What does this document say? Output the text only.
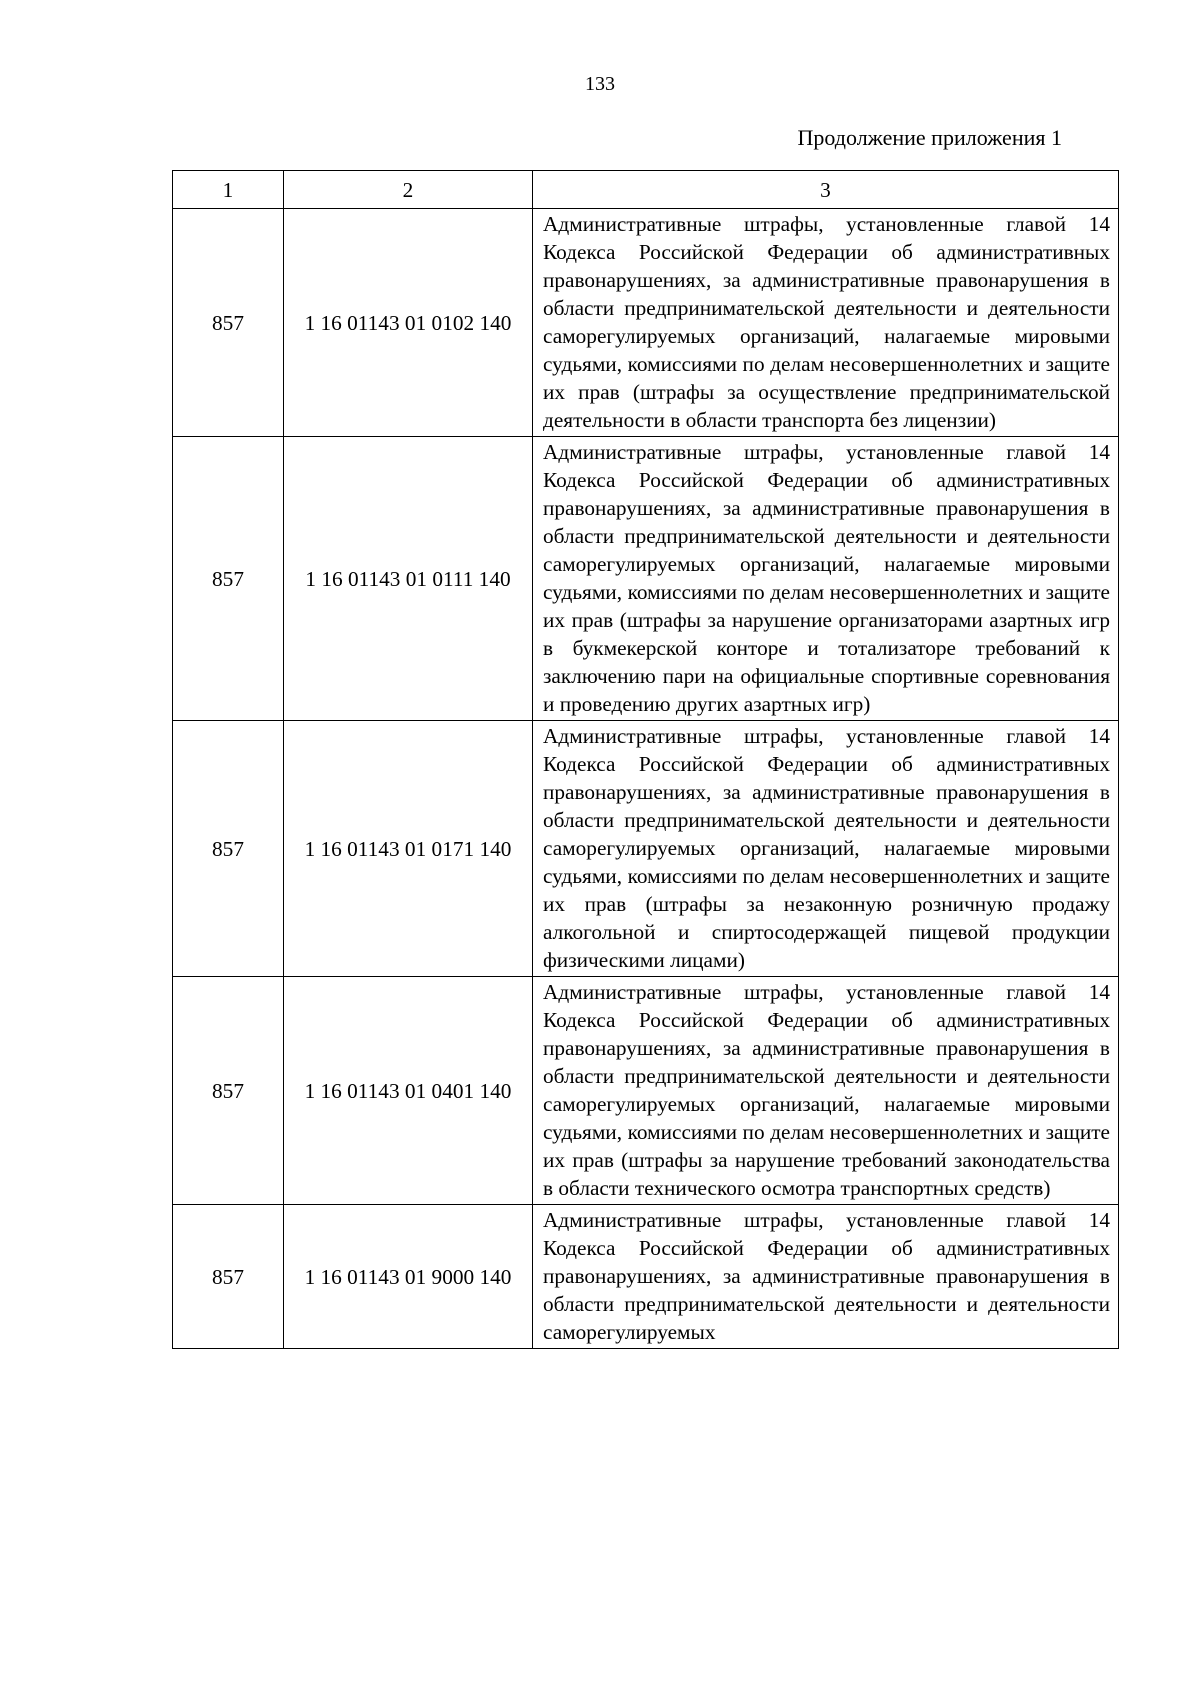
133
Продолжение приложения 1
1	2	3
857	1 16 01143 01 0102 140	Административные штрафы, установленные главой 14 Кодекса Российской Федерации об административных правонарушениях, за административные правонарушения в области предпринимательской деятельности и деятельности саморегулируемых организаций, налагаемые мировыми судьями, комиссиями по делам несовершеннолетних и защите их прав (штрафы за осуществление предпринимательской деятельности в области транспорта без лицензии)
857	1 16 01143 01 0111 140	Административные штрафы, установленные главой 14 Кодекса Российской Федерации об административных правонарушениях, за административные правонарушения в области предпринимательской деятельности и деятельности саморегулируемых организаций, налагаемые мировыми судьями, комиссиями по делам несовершеннолетних и защите их прав (штрафы за нарушение организаторами азартных игр в букмекерской конторе и тотализаторе требований к заключению пари на официальные спортивные соревнования и проведению других азартных игр)
857	1 16 01143 01 0171 140	Административные штрафы, установленные главой 14 Кодекса Российской Федерации об административных правонарушениях, за административные правонарушения в области предпринимательской деятельности и деятельности саморегулируемых организаций, налагаемые мировыми судьями, комиссиями по делам несовершеннолетних и защите их прав (штрафы за незаконную розничную продажу алкогольной и спиртосодержащей пищевой продукции физическими лицами)
857	1 16 01143 01 0401 140	Административные штрафы, установленные главой 14 Кодекса Российской Федерации об административных правонарушениях, за административные правонарушения в области предпринимательской деятельности и деятельности саморегулируемых организаций, налагаемые мировыми судьями, комиссиями по делам несовершеннолетних и защите их прав (штрафы за нарушение требований законодательства в области технического осмотра транспортных средств)
857	1 16 01143 01 9000 140	Административные штрафы, установленные главой 14 Кодекса Российской Федерации об административных правонарушениях, за административные правонарушения в области предпринимательской деятельности и деятельности саморегулируемых
